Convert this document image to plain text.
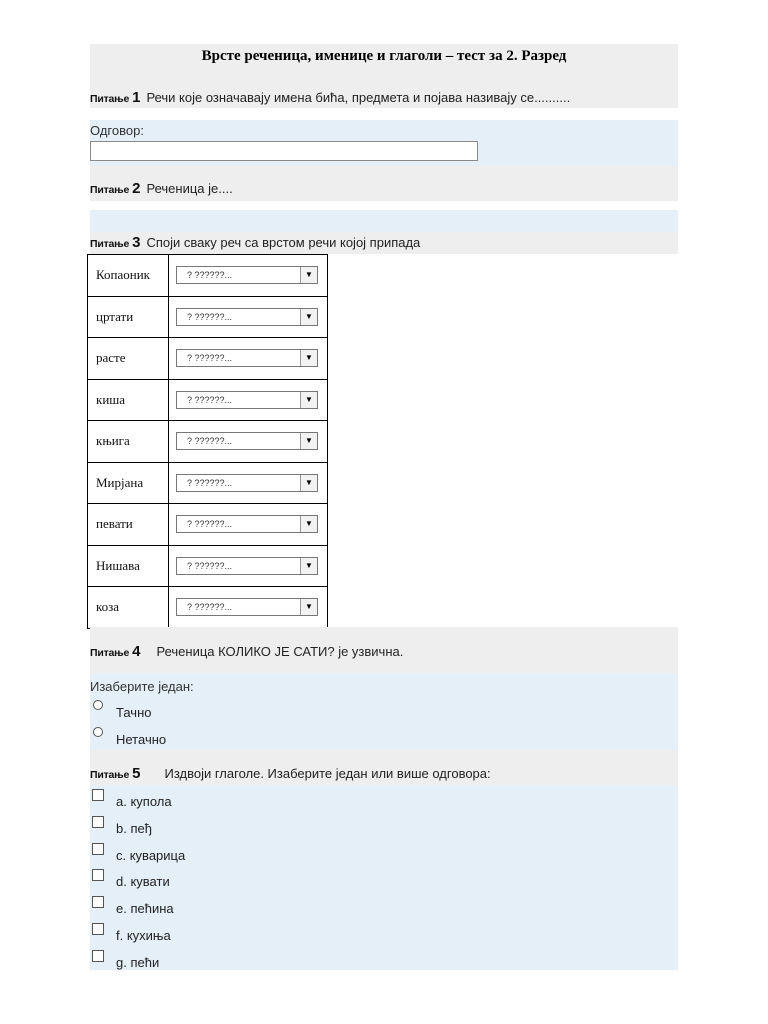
Врсте реченица, именице и глаголи – тест за 2. Разред
Питање 1 Речи које означавају имена бића, предмета и појава називају се..........
Одговор:
Питање 2 Реченица је....
Питање 3 Споји сваку реч са врстом речи којој припада
Копаоник	? ??????... ▼

цртати	? ??????... ▼

расте	? ??????... ▼

киша	? ??????... ▼

књига	? ??????... ▼

Мирјана	? ??????... ▼

певати	? ??????... ▼

Нишава	? ??????... ▼

коза	? ??????... ▼
Питање 4 Реченица КОЛИКО ЈЕ САТИ? је узвична.
Изаберите један:
Тачно
Нетачно
Питање 5 Издвоји глаголе. Изаберите један или више одговора:
a. купола
b. пеђ
c. куварица
d. кувати
e. пећина
f. кухиња
g. пећи
